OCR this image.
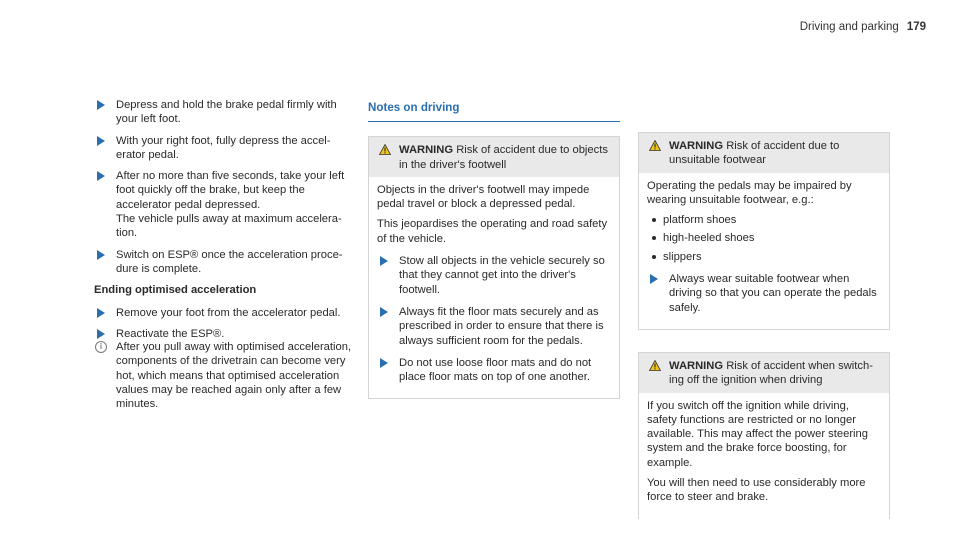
Driving and parking 179
Depress and hold the brake pedal firmly with your left foot.
With your right foot, fully depress the accelerator pedal.
After no more than five seconds, take your left foot quickly off the brake, but keep the accelerator pedal depressed.
The vehicle pulls away at maximum acceleration.
Switch on ESP® once the acceleration procedure is complete.
Ending optimised acceleration
Remove your foot from the accelerator pedal.
Reactivate the ESP®.
i	After you pull away with optimised acceleration, components of the drivetrain can become very hot, which means that optimised acceleration values may be reached again only after a few minutes.
Notes on driving
WARNING Risk of accident due to objects in the driver's footwell

Objects in the driver's footwell may impede pedal travel or block a depressed pedal.

This jeopardises the operating and road safety of the vehicle.

Stow all objects in the vehicle securely so that they cannot get into the driver's footwell.
Always fit the floor mats securely and as prescribed in order to ensure that there is always sufficient room for the pedals.
Do not use loose floor mats and do not place floor mats on top of one another.
WARNING Risk of accident due to unsuitable footwear

Operating the pedals may be impaired by wearing unsuitable footwear, e.g.:

platform shoes
high-heeled shoes
slippers
Always wear suitable footwear when driving so that you can operate the pedals safely.
WARNING Risk of accident when switching off the ignition when driving

If you switch off the ignition while driving, safety functions are restricted or no longer available. This may affect the power steering system and the brake force boosting, for example.

You will then need to use considerably more force to steer and brake.
